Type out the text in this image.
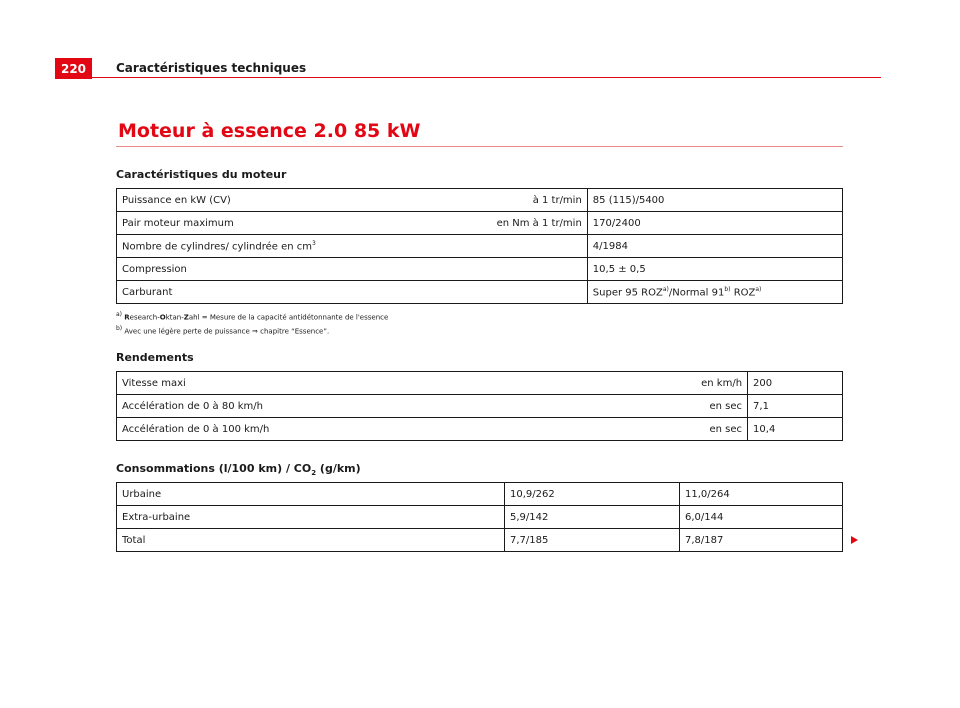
220	Caractéristiques techniques
Moteur à essence 2.0 85 kW
Caractéristiques du moteur
Puissance en kW (CV)	à 1 tr/min	85 (115)/5400
Pair moteur maximum	en Nm à 1 tr/min	170/2400
Nombre de cylindres/ cylindrée en $cm^3$		4/1984
Compression		10,5 ± 0,5
Carburant		Super 95 ROZ$^{a)}$/Normal 91$^{b)}$ ROZ$^{a)}$
$^{a)}$ Research-Oktan-Zahl = Mesure de la capacité antidétonnante de l'essence
$^{b)}$ Avec une légère perte de puissance ⇒ chapitre “Essence”.
Rendements
Vitesse maxi	en km/h	200
Accélération de 0 à 80 km/h	en sec	7,1
Accélération de 0 à 100 km/h	en sec	10,4
Consommations (l/100 $km) / CO_2$ (g/km)
Urbaine	10,9/262	11,0/264
Extra-urbaine	5,9/142	6,0/144
Total	7,7/185	7,8/187
